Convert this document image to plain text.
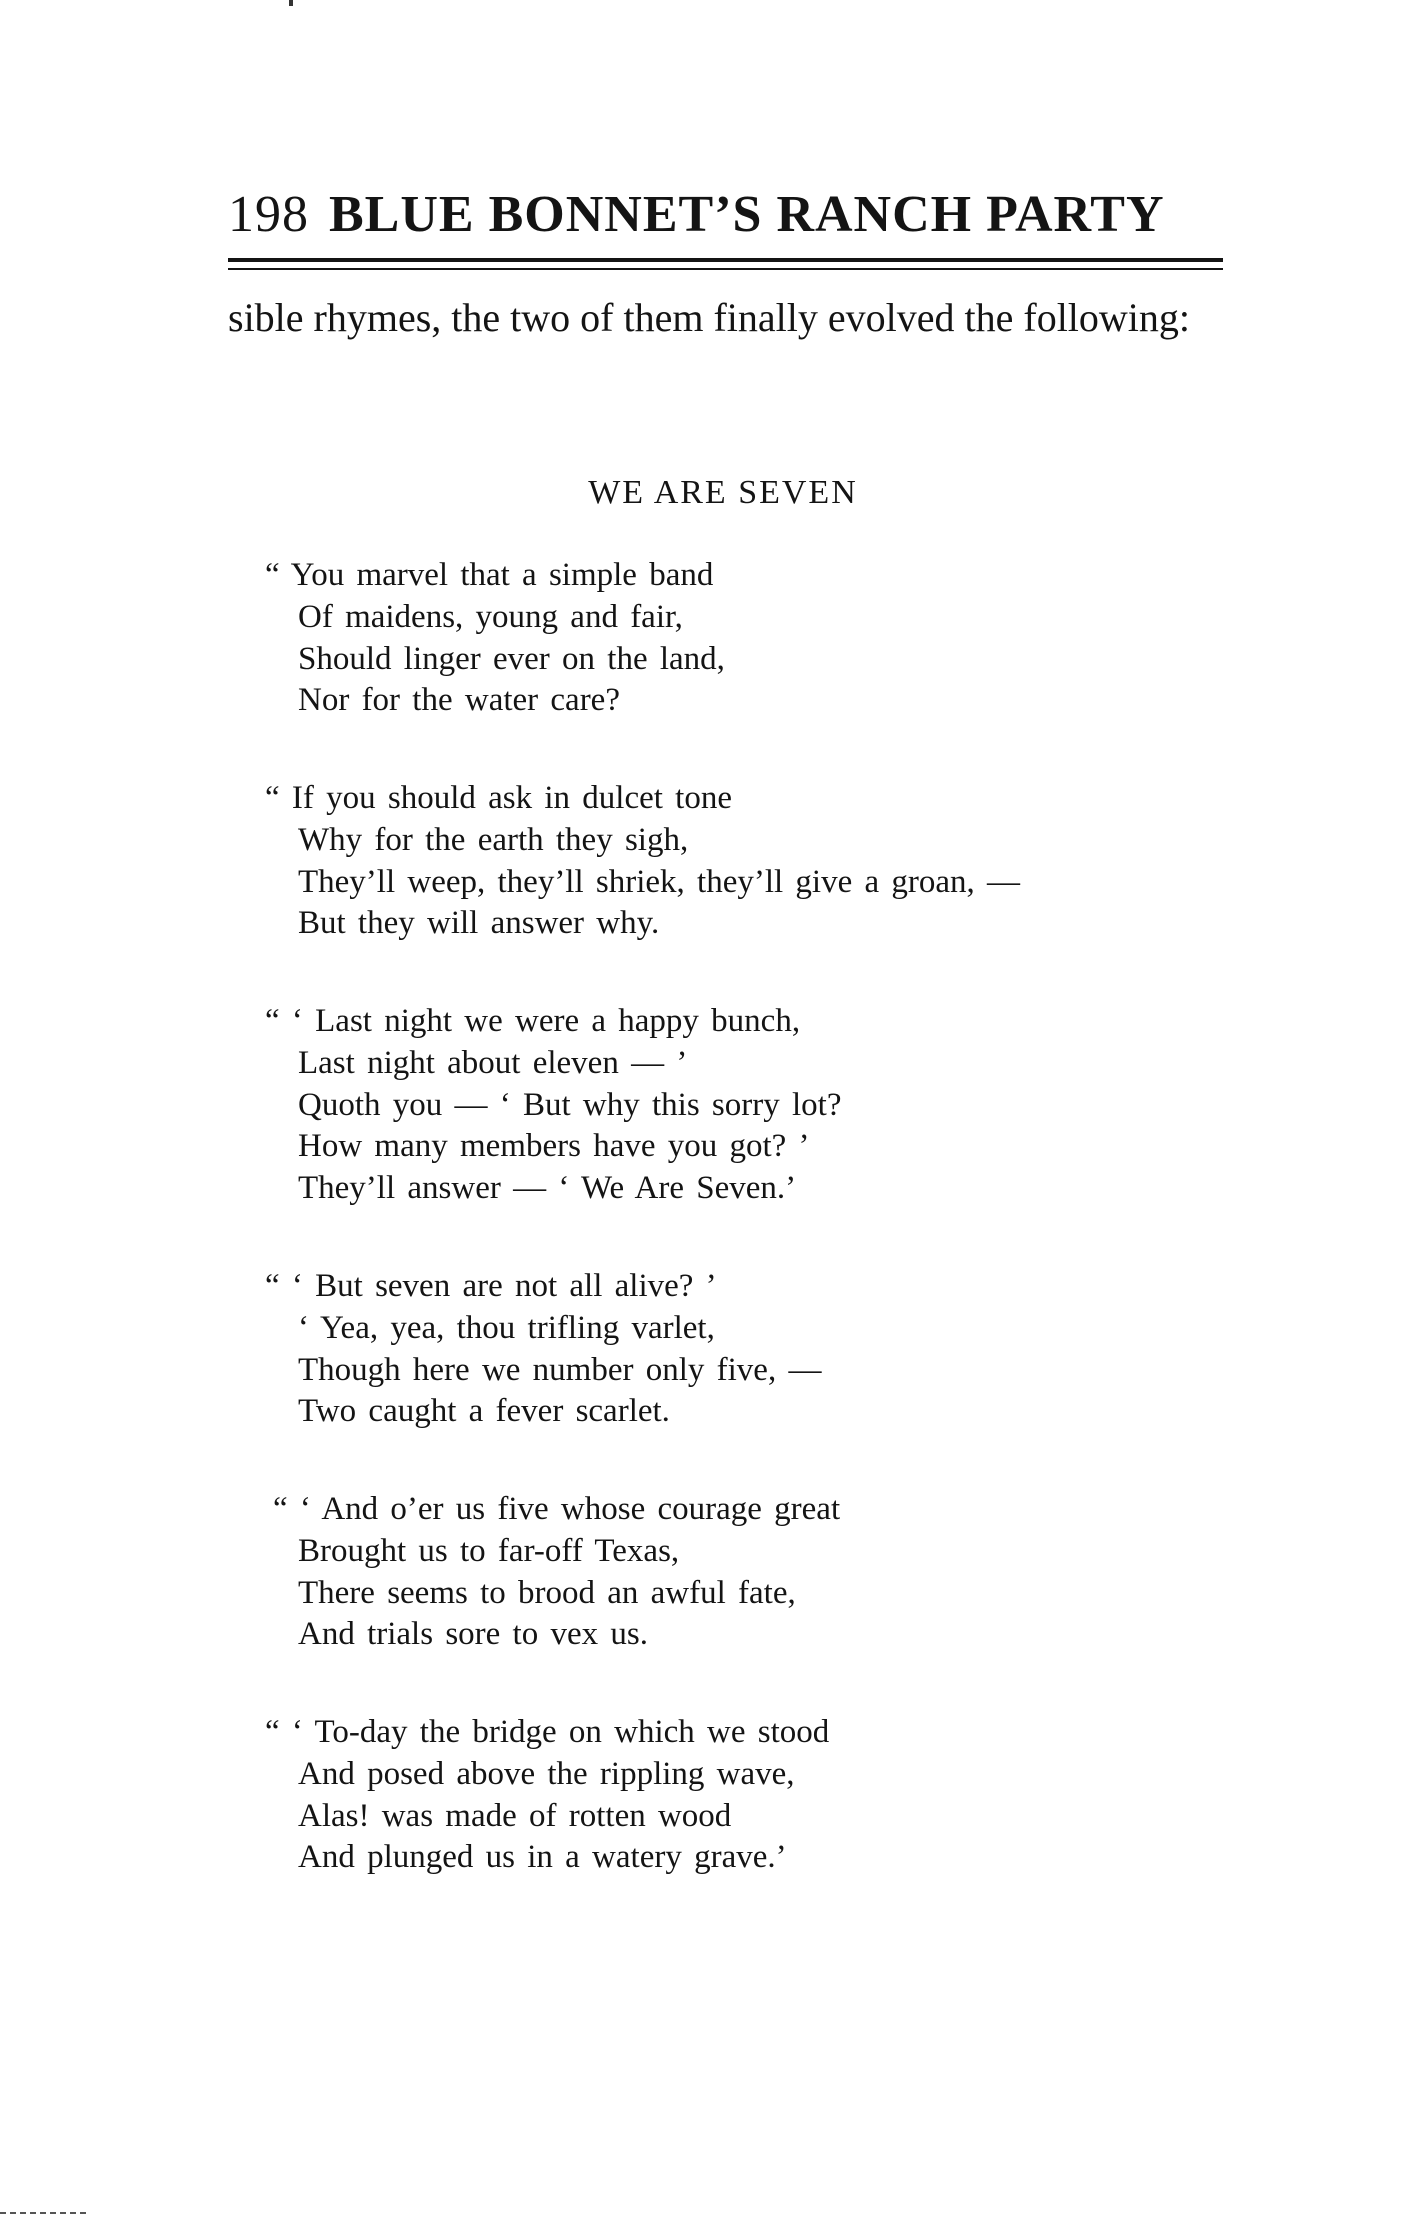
198 BLUE BONNET’S RANCH PARTY
sible rhymes, the two of them finally evolved the following:
WE ARE SEVEN
“ You marvel that a simple band
Of maidens, young and fair,
Should linger ever on the land,
Nor for the water care?
“ If you should ask in dulcet tone
Why for the earth they sigh,
They’ll weep, they’ll shriek, they’ll give a groan, —
But they will answer why.
“ ‘ Last night we were a happy bunch,
Last night about eleven — ’
Quoth you — ‘ But why this sorry lot?
How many members have you got? ’
They’ll answer — ‘ We Are Seven.’
“ ‘ But seven are not all alive? ’
‘ Yea, yea, thou trifling varlet,
Though here we number only five, —
Two caught a fever scarlet.
“ ‘ And o’er us five whose courage great
Brought us to far-off Texas,
There seems to brood an awful fate,
And trials sore to vex us.
“ ‘ To-day the bridge on which we stood
And posed above the rippling wave,
Alas! was made of rotten wood
And plunged us in a watery grave.’
